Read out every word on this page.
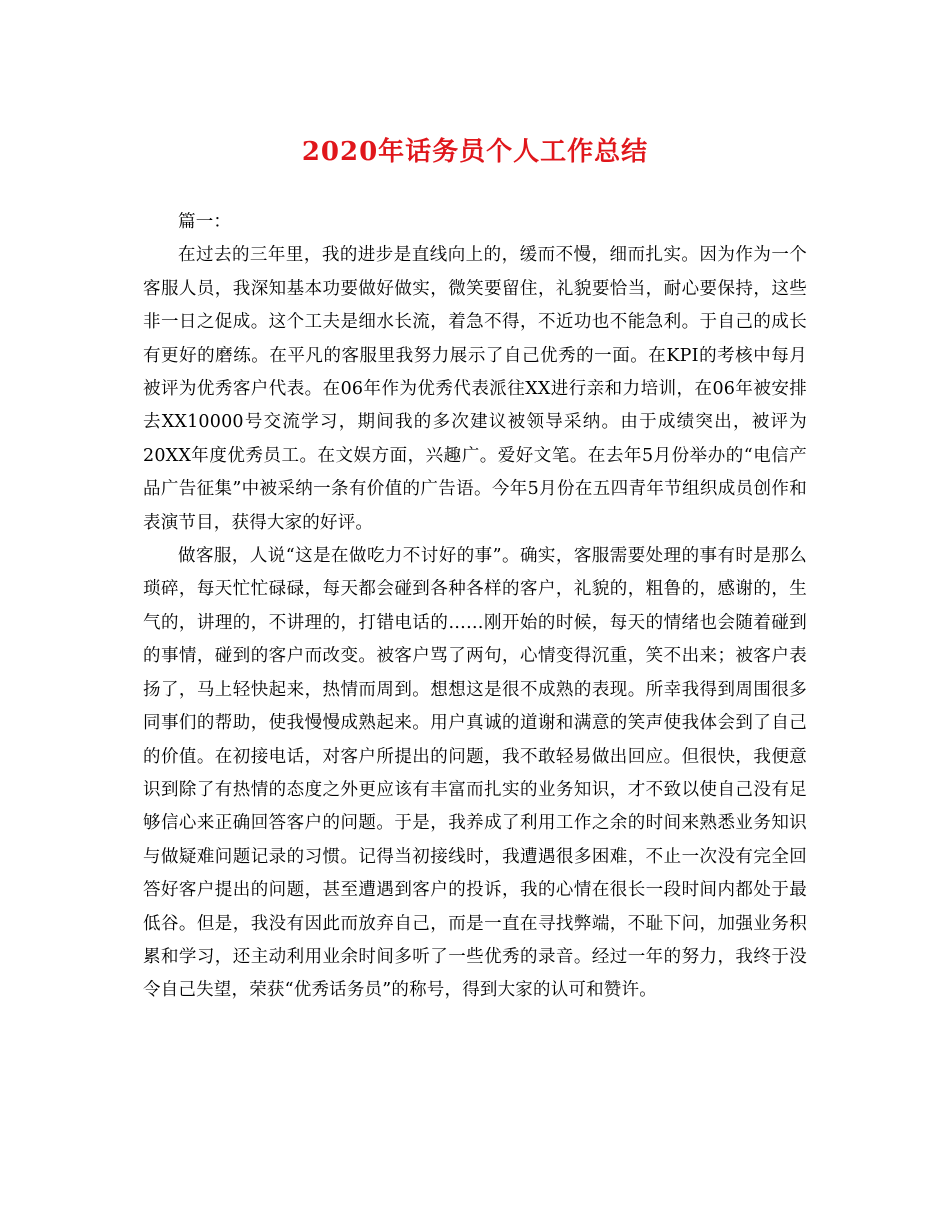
2020年话务员个人工作总结

篇一：

在过去的三年里，我的进步是直线向上的，缓而不慢，细而扎实。因为作为一个客服人员，我深知基本功要做好做实，微笑要留住，礼貌要恰当，耐心要保持，这些非一日之促成。这个工夫是细水长流，着急不得，不近功也不能急利。于自己的成长有更好的磨练。在平凡的客服里我努力展示了自己优秀的一面。在KPI的考核中每月被评为优秀客户代表。在06年作为优秀代表派往XX进行亲和力培训，在06年被安排去XX10000号交流学习，期间我的多次建议被领导采纳。由于成绩突出，被评为20XX年度优秀员工。在文娱方面，兴趣广。爱好文笔。在去年5月份举办的“电信产品广告征集”中被采纳一条有价值的广告语。今年5月份在五四青年节组织成员创作和表演节目，获得大家的好评。

做客服，人说“这是在做吃力不讨好的事”。确实，客服需要处理的事有时是那么琐碎，每天忙忙碌碌，每天都会碰到各种各样的客户，礼貌的，粗鲁的，感谢的，生气的，讲理的，不讲理的，打错电话的……刚开始的时候，每天的情绪也会随着碰到的事情，碰到的客户而改变。被客户骂了两句，心情变得沉重，笑不出来；被客户表扬了，马上轻快起来，热情而周到。想想这是很不成熟的表现。所幸我得到周围很多同事们的帮助，使我慢慢成熟起来。用户真诚的道谢和满意的笑声使我体会到了自己的价值。在初接电话，对客户所提出的问题，我不敢轻易做出回应。但很快，我便意识到除了有热情的态度之外更应该有丰富而扎实的业务知识，才不致以使自己没有足够信心来正确回答客户的问题。于是，我养成了利用工作之余的时间来熟悉业务知识与做疑难问题记录的习惯。记得当初接线时，我遭遇很多困难，不止一次没有完全回答好客户提出的问题，甚至遭遇到客户的投诉，我的心情在很长一段时间内都处于最低谷。但是，我没有因此而放弃自己，而是一直在寻找弊端，不耻下问，加强业务积累和学习，还主动利用业余时间多听了一些优秀的录音。经过一年的努力，我终于没令自己失望，荣获“优秀话务员”的称号，得到大家的认可和赞许。
